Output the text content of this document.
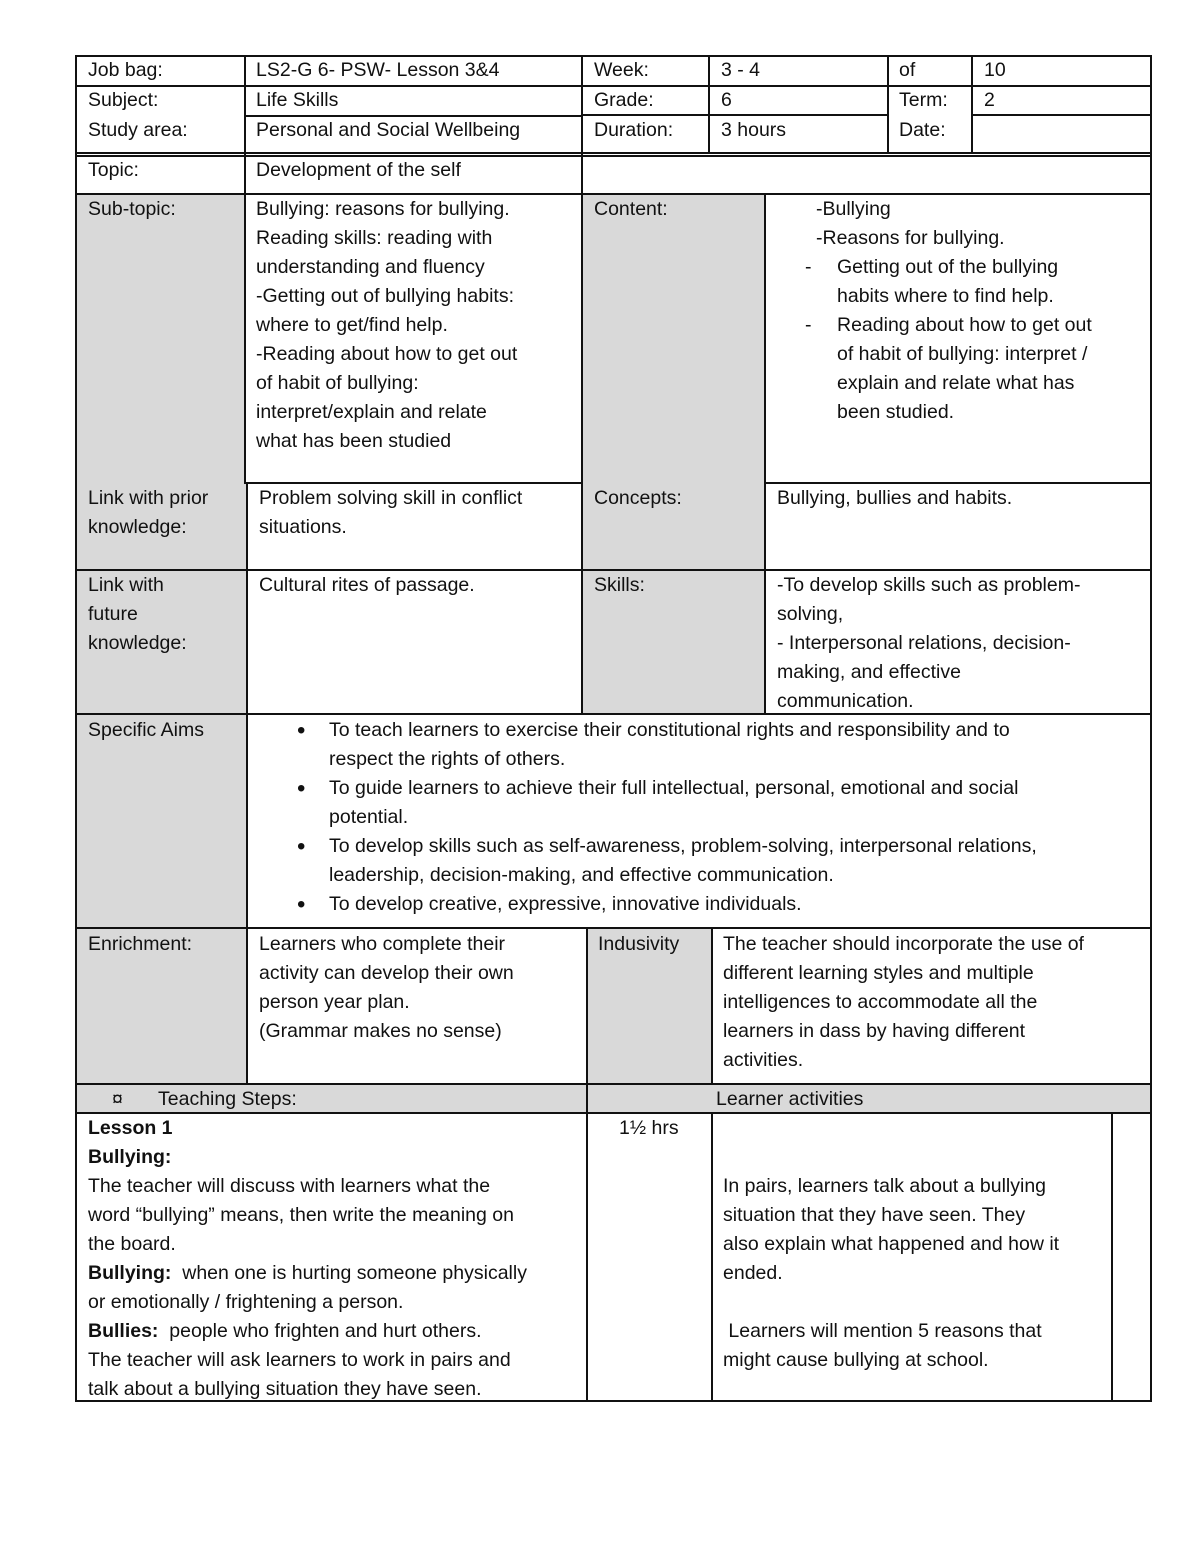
Job bag:	LS2-G 6- PSW- Lesson 3&4	Week:	3 - 4	of	10
Subject:	Life Skills	Grade:	6	Term:	2
Study area:	Personal and Social Wellbeing	Duration:	3 hours	Date:
Topic:	Development of the self
Sub-topic:	Bullying: reasons for bullying.
Reading skills: reading with
understanding and fluency
-Getting out of bullying habits:
where to get/find help.
-Reading about how to get out
of habit of bullying:
interpret/explain and relate
what has been studied
Content:	-Bullying
-Reasons for bullying.
- Getting out of the bullying
habits where to find help.
- Reading about how to get out
of habit of bullying: interpret /
explain and relate what has
been studied.
Link with prior
knowledge:
Problem solving skill in conflict
situations.
Concepts:	Bullying, bullies and habits.
Link with
future
knowledge:
Cultural rites of passage.	Skills:	-To develop skills such as problem-
solving,
- Interpersonal relations, decision-
making, and effective
communication.
Specific Aims
•	To teach learners to exercise their constitutional rights and responsibility and to
respect the rights of others.
• To guide learners to achieve their full intellectual, personal, emotional and social
potential.
• To develop skills such as self-awareness, problem-solving, interpersonal relations,
leadership, decision-making, and effective communication.
• To develop creative, expressive, innovative individuals.
Enrichment:	Learners who complete their
activity can develop their own
person year plan.
(Grammar makes no sense)
Indusivity The teacher should incorporate the use of
different learning styles and multiple
intelligences to accommodate all the
learners in dass by having different
activities.
¤ Teaching Steps:	Learner activities
Lesson 1
Bullying:
The teacher will discuss with learners what the
word “bullying” means, then write the meaning on
the board.
Bullying:  when one is hurting someone physically
or emotionally / frightening a person.
Bullies:  people who frighten and hurt others.
The teacher will ask learners to work in pairs and
talk about a bullying situation they have seen.
1½ hrs
In pairs, learners talk about a bullying
situation that they have seen. They
also explain what happened and how it
ended.

Learners will mention 5 reasons that
might cause bullying at school.
